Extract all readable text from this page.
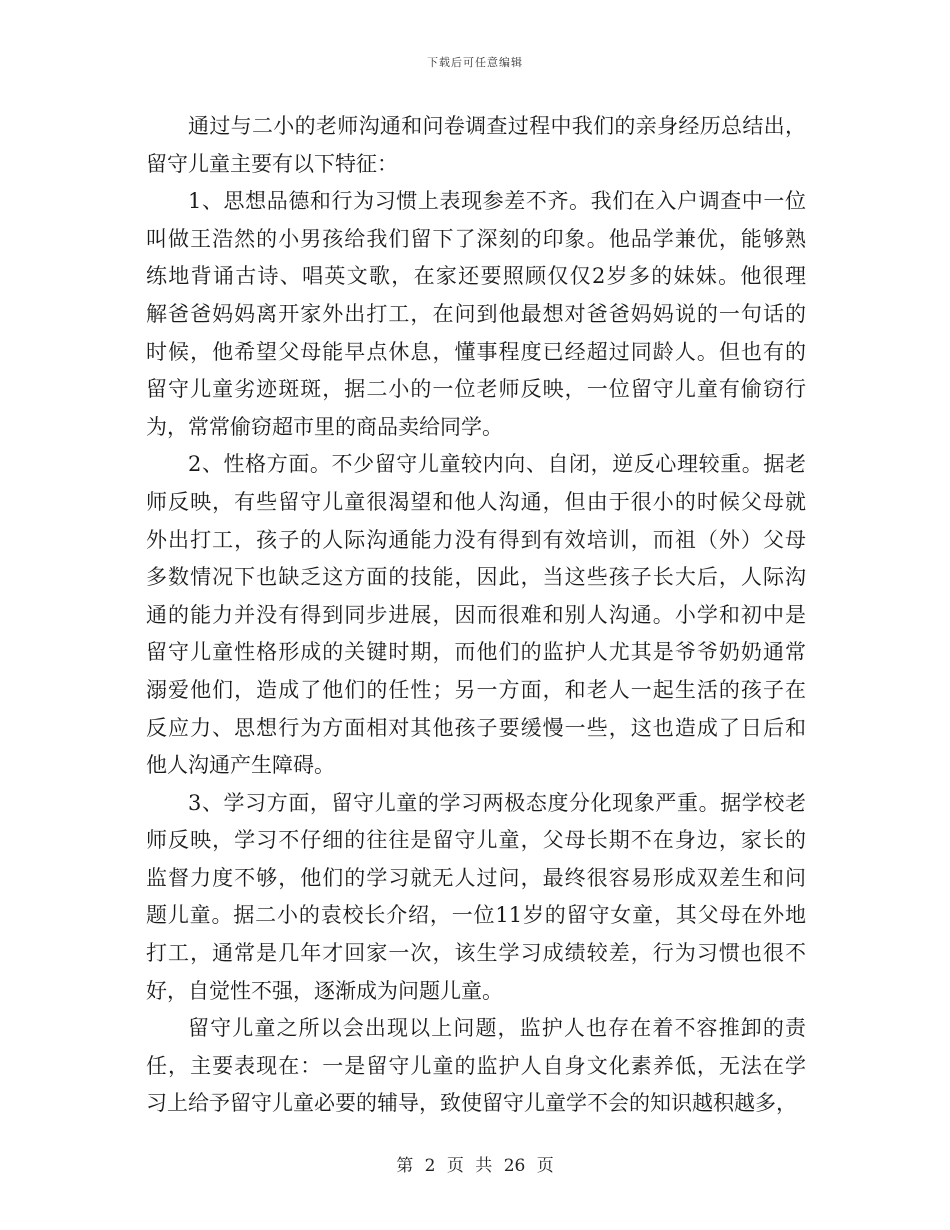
下载后可任意编辑
通过与二小的老师沟通和问卷调查过程中我们的亲身经历总结出，
留守儿童主要有以下特征：
1、思想品德和行为习惯上表现参差不齐。我们在入户调查中一位
叫做王浩然的小男孩给我们留下了深刻的印象。他品学兼优，能够熟
练地背诵古诗、唱英文歌，在家还要照顾仅仅2岁多的妹妹。他很理
解爸爸妈妈离开家外出打工，在问到他最想对爸爸妈妈说的一句话的
时候，他希望父母能早点休息，懂事程度已经超过同龄人。但也有的
留守儿童劣迹斑斑，据二小的一位老师反映，一位留守儿童有偷窃行
为，常常偷窃超市里的商品卖给同学。
2、性格方面。不少留守儿童较内向、自闭，逆反心理较重。据老
师反映，有些留守儿童很渴望和他人沟通，但由于很小的时候父母就
外出打工，孩子的人际沟通能力没有得到有效培训，而祖（外）父母
多数情况下也缺乏这方面的技能，因此，当这些孩子长大后，人际沟
通的能力并没有得到同步进展，因而很难和别人沟通。小学和初中是
留守儿童性格形成的关键时期，而他们的监护人尤其是爷爷奶奶通常
溺爱他们，造成了他们的任性；另一方面，和老人一起生活的孩子在
反应力、思想行为方面相对其他孩子要缓慢一些，这也造成了日后和
他人沟通产生障碍。
3、学习方面，留守儿童的学习两极态度分化现象严重。据学校老
师反映，学习不仔细的往往是留守儿童，父母长期不在身边，家长的
监督力度不够，他们的学习就无人过问，最终很容易形成双差生和问
题儿童。据二小的袁校长介绍，一位11岁的留守女童，其父母在外地
打工，通常是几年才回家一次，该生学习成绩较差，行为习惯也很不
好，自觉性不强，逐渐成为问题儿童。
留守儿童之所以会出现以上问题，监护人也存在着不容推卸的责
任，主要表现在：一是留守儿童的监护人自身文化素养低，无法在学
习上给予留守儿童必要的辅导，致使留守儿童学不会的知识越积越多，
第 2 页 共 26 页
